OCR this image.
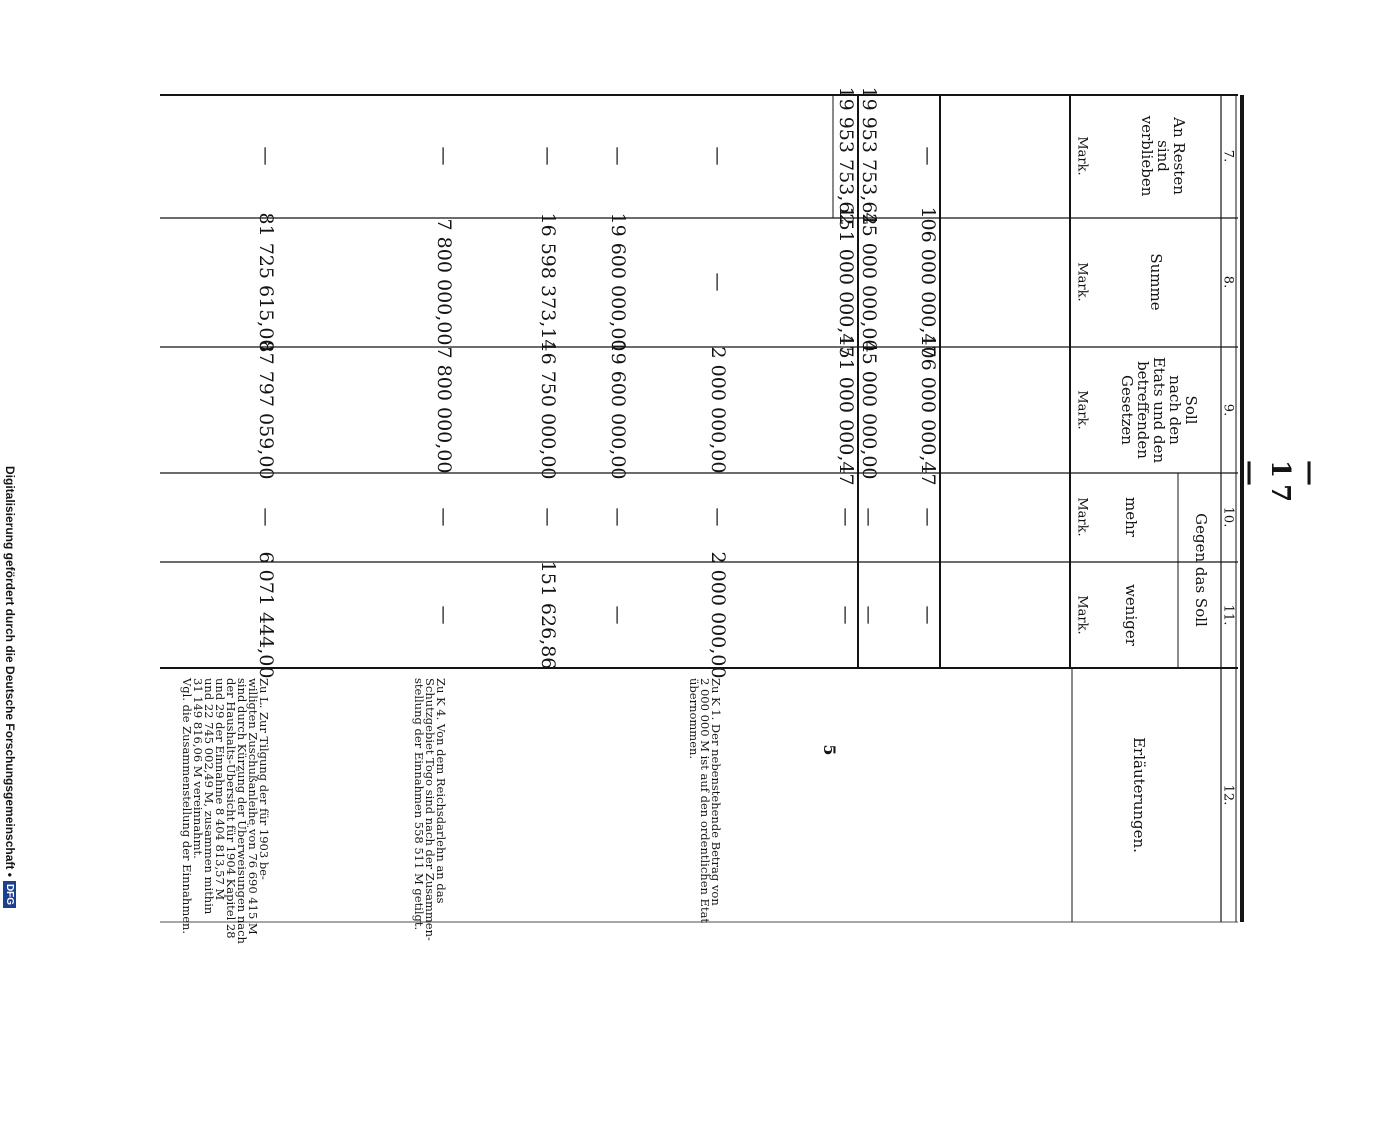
— 17 —
5
Digitalisierung gefördert durch die Deutsche Forschungsgemeinschaft •
DFG
7.
8.
9.
10.
11.
12.
An Resten
sind
verblieben
Summe
Soll
nach den
Etats und den
betreffenden
Gesetzen
Gegen das Soll
mehr
weniger
Erläuterungen.
Mark.
Mark.
Mark.
Mark.
Mark.
—
106 000 000,47
106 000 000,47
—
—
19 953 753,62
45 000 000,00
45 000 000,00
—
—
19 953 753,62
151 000 000,47
151 000 000,47
—
—
—
—
2 000 000,00
—
2 000 000,00
—
19 600 000,00
19 600 000,00
—
—
—
16 598 373,14
16 750 000,00
—
151 626,86
—
7 800 000,00
7 800 000,00
—
—
—
81 725 615,00
87 797 059,00
—
6 071 444,00
Zu K 1. Der nebenstehende Betrag von
2 000 000 M ist auf den ordentlichen Etat
übernommen.
Zu K 4. Von dem Reichsdarlehn an das
Schutzgebiet Togo sind nach der Zusammen-
stellung der Einnahmen 558 511 M getilgt.
Zu L. Zur Tilgung der für 1903 be-
willigten Zuschußanleihe von 76 690 415 M
sind durch Kürzung der Überweisungen nach
der Haushalts-Übersicht für 1904 Kapitel 28
und 29 der Einnahme 8 404 813,57 M
und 22 745 002,49 M, zusammen mithin
31 149 816,06 M vereinnahmt.
Vgl. die Zusammenstellung der Einnahmen.
